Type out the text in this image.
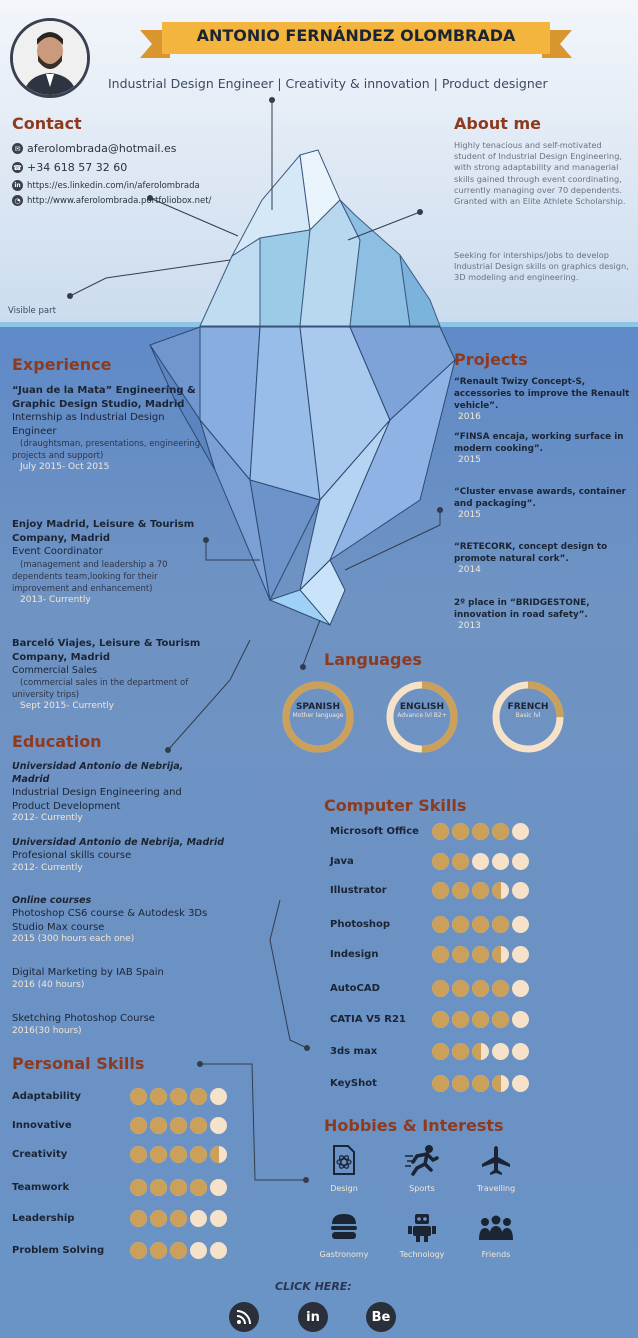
ANTONIO FERNÁNDEZ OLOMBRADA
Industrial Design Engineer | Creativity & innovation | Product designer
Contact
✉ aferolombrada@hotmail.es
☎ +34 618 57 32 60
in https://es.linkedin.com/in/aferolombrada
◔ http://www.aferolombrada.portfoliobox.net/
About me
Highly tenacious and self-motivated student of Industrial Design Engineering, with strong adaptability and managerial skills gained through event coordinating, currently managing over 70 dependents. Granted with an Elite Athlete Scholarship.
Seeking for interships/jobs to develop Industrial Design skills on graphics design, 3D modeling and engineering.
Visible part
Experience
“Juan de la Mata” Engineering & Graphic Design Studio, Madrid
Internship as Industrial Design Engineer
(draughtsman, presentations, engineering projects and support)
July 2015- Oct 2015
Enjoy Madrid, Leisure & Tourism Company, Madrid
Event Coordinator
(management and leadership a 70 dependents team,looking for their improvement and enhancement)
2013- Currently
Barceló Viajes, Leisure & Tourism Company, Madrid
Commercial Sales
(commercial sales in the department of university trips)
Sept 2015- Currently
Education
Universidad Antonio de Nebrija, Madrid
Industrial Design Engineering and Product Development
2012- Currently
Universidad Antonio de Nebrija, Madrid
Profesional skills course
2012- Currently
Online courses
Photoshop CS6 course & Autodesk 3Ds Studio Max course
2015 (300 hours each one)
Digital Marketing by IAB Spain
2016 (40 hours)
Sketching Photoshop Course
2016(30 hours)
Personal Skills
Adaptability
Innovative
Creativity
Teamwork
Leadership
Problem Solving
Projects
“Renault Twizy Concept-S, accessories to improve the Renault vehicle”.
2016
“FINSA encaja, working surface in modern cooking”.
2015
“Cluster envase awards, container and packaging”.
2015
“RETECORK, concept design to promote natural cork”.
2014
2º place in “BRIDGESTONE, innovation in road safety”.
2013
Languages
SPANISH
Mother language
ENGLISH
Advance lvl B2+
FRENCH
Basic lvl
Computer Skills
Microsoft Office
Java
Illustrator
Photoshop
Indesign
AutoCAD
CATIA V5 R21
3ds max
KeyShot
Hobbies & Interests
Design	Sports	Travelling
Gastronomy	Technology	Friends
CLICK HERE:
in	Be
